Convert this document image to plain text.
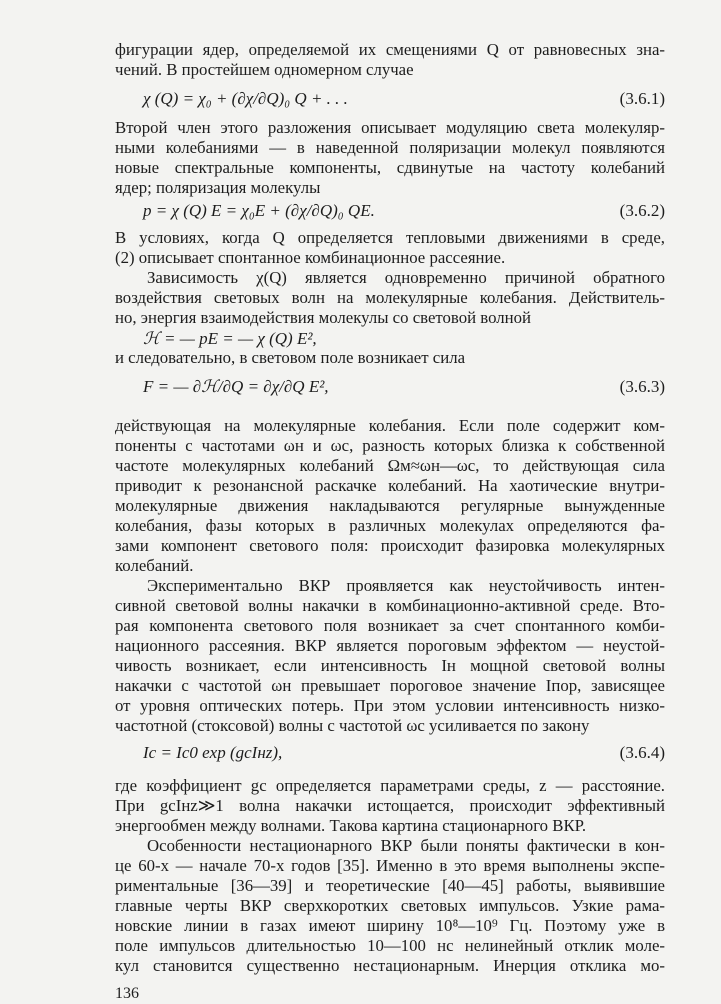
фигурации ядер, определяемой их смещениями Q от равновесных зна-
чений. В простейшем одномерном случае
χ (Q) = χ₀ + (∂χ/∂Q)₀ Q + . . .	(3.6.1)
Второй член этого разложения описывает модуляцию света молекуляр-
ными колебаниями — в наведенной поляризации молекул появляются
новые спектральные компоненты, сдвинутые на частоту колебаний
ядер; поляризация молекулы
p = χ (Q) E = χ₀E + (∂χ/∂Q)₀ QE.	(3.6.2)
В условиях, когда Q определяется тепловыми движениями в среде,
(2) описывает спонтанное комбинационное рассеяние.
Зависимость χ(Q) является одновременно причиной обратного
воздействия световых волн на молекулярные колебания. Действитель-
но, энергия взаимодействия молекулы со световой волной
ℋ = — pE = — χ (Q) E²,
и следовательно, в световом поле возникает сила
F = — ∂ℋ/∂Q = ∂χ/∂Q E²,	(3.6.3)
действующая на молекулярные колебания. Если поле содержит ком-
поненты с частотами ωн и ωс, разность которых близка к собственной
частоте молекулярных колебаний Ωм≈ωн—ωс, то действующая сила
приводит к резонансной раскачке колебаний. На хаотические внутри-
молекулярные движения накладываются регулярные вынужденные
колебания, фазы которых в различных молекулах определяются фа-
зами компонент светового поля: происходит фазировка молекулярных
колебаний.
Экспериментально ВКР проявляется как неустойчивость интен-
сивной световой волны накачки в комбинационно-активной среде. Вто-
рая компонента светового поля возникает за счет спонтанного комби-
национного рассеяния. ВКР является пороговым эффектом — неустой-
чивость возникает, если интенсивность Iн мощной световой волны
накачки с частотой ωн превышает пороговое значение Iпор, зависящее
от уровня оптических потерь. При этом условии интенсивность низко-
частотной (стоксовой) волны с частотой ωс усиливается по закону
Iс = Iс0 exp (gсIнz),	(3.6.4)
где коэффициент gс определяется параметрами среды, z — расстояние.
При gсIнz≫1 волна накачки истощается, происходит эффективный
энергообмен между волнами. Такова картина стационарного ВКР.
Особенности нестационарного ВКР были поняты фактически в кон-
це 60-х — начале 70-х годов [35]. Именно в это время выполнены экспе-
риментальные [36—39] и теоретические [40—45] работы, выявившие
главные черты ВКР сверхкоротких световых импульсов. Узкие рама-
новские линии в газах имеют ширину 10⁸—10⁹ Гц. Поэтому уже в
поле импульсов длительностью 10—100 нс нелинейный отклик моле-
кул становится существенно нестационарным. Инерция отклика мо-
136
